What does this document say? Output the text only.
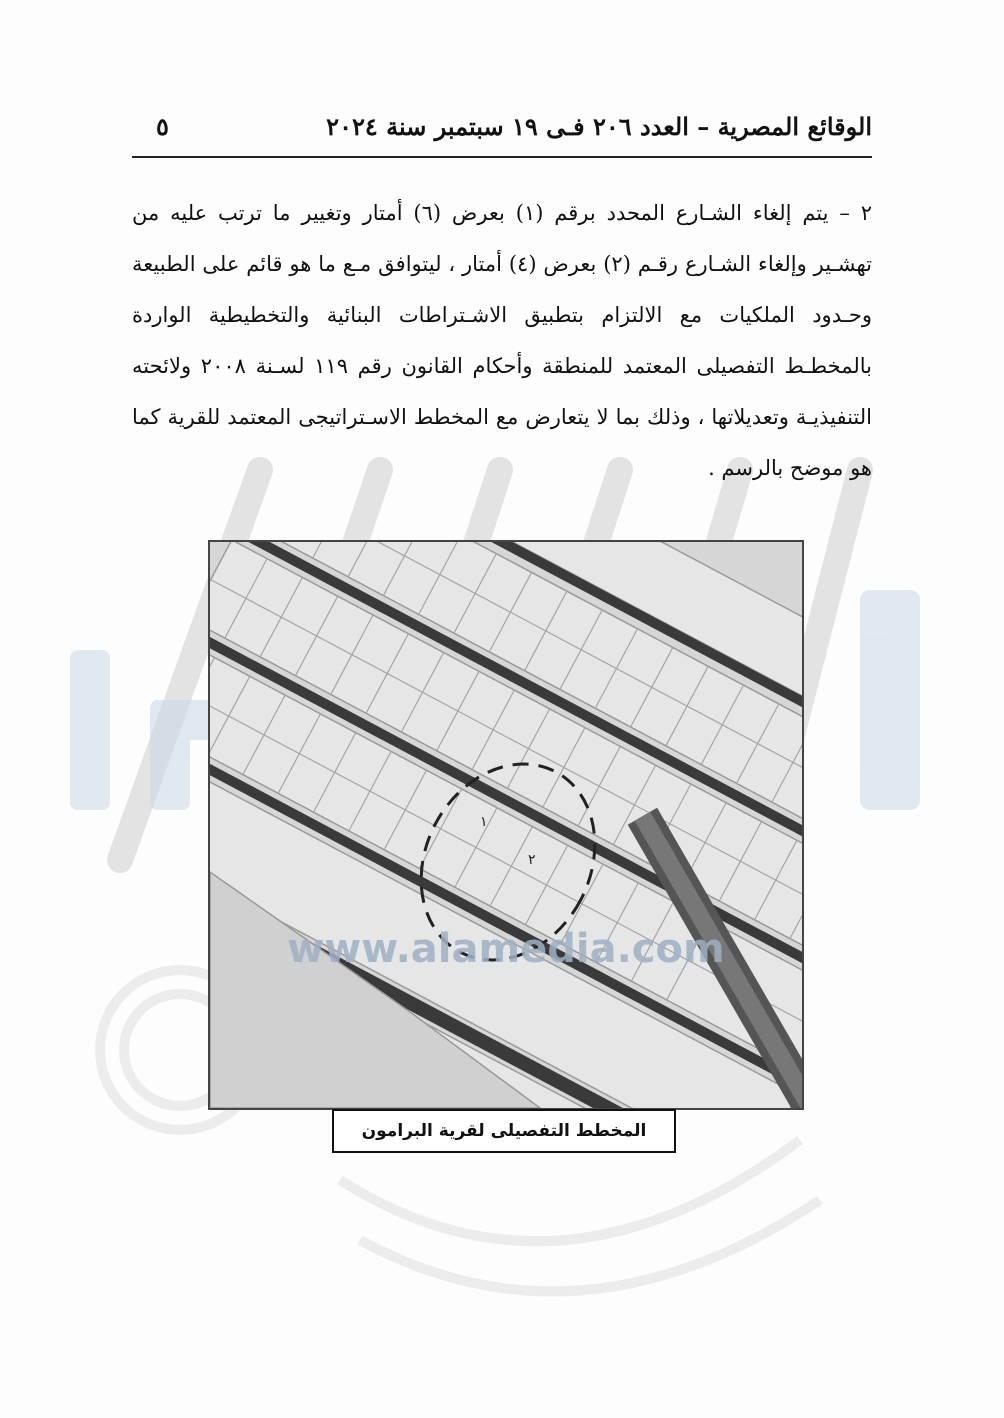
الوقائع المصرية – العدد ٢٠٦ فـى ١٩ سبتمبر سنة ٢٠٢٤
٥

٢ – يتم إلغاء الشـارع المحدد برقم (١) بعرض (٦) أمتار وتغيير ما ترتب عليه من تهشـير وإلغاء الشـارع رقـم (٢) بعرض (٤) أمتار ، ليتوافق مـع ما هو قائم على الطبيعة وحـدود الملكيات مع الالتزام بتطبيق الاشـتراطات البنائية والتخطيطية الواردة بالمخطـط التفصيلى المعتمد للمنطقة وأحكام القانون رقم ١١٩ لسـنة ٢٠٠٨ ولائحته التنفيذيـة وتعديلاتها ، وذلك بما لا يتعارض مع المخطط الاسـتراتيجى المعتمد للقرية كما هو موضح بالرسم .

١
٢
www.alamedia.com
المخطط التفصيلى لقرية البرامون
